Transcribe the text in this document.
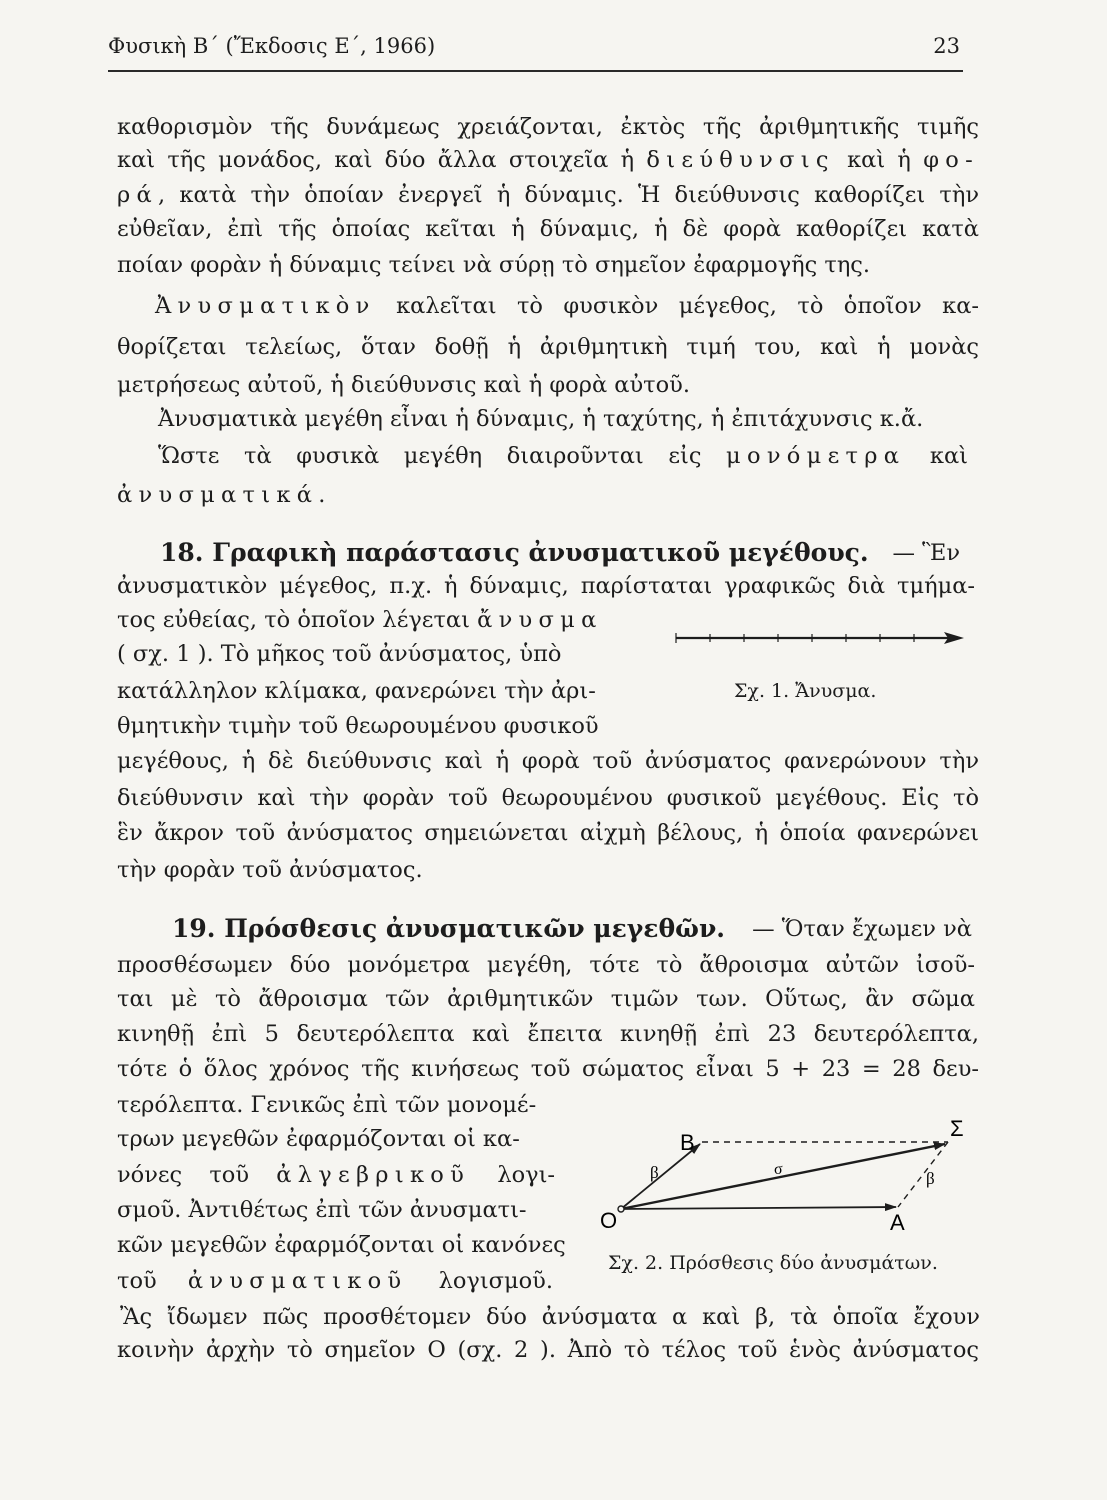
Φυσικὴ Β΄ (Ἔκδοσις Ε΄, 1966)	23
καθορισμὸν τῆς δυνάμεως χρειάζονται, ἐκτὸς τῆς ἀριθμητικῆς τιμῆς
καὶ τῆς μονάδος, καὶ δύο ἄλλα στοιχεῖα ἡ διεύθυνσις καὶ ἡ φο-
ρά, κατὰ τὴν ὁποίαν ἐνεργεῖ ἡ δύναμις. Ἡ διεύθυνσις καθορίζει τὴν
εὐθεῖαν, ἐπὶ τῆς ὁποίας κεῖται ἡ δύναμις, ἡ δὲ φορὰ καθορίζει κατὰ
ποίαν φορὰν ἡ δύναμις τείνει νὰ σύρῃ τὸ σημεῖον ἐφαρμογῆς της.
Ἀνυσματικὸν καλεῖται τὸ φυσικὸν μέγεθος, τὸ ὁποῖον κα-
θορίζεται τελείως, ὅταν δοθῇ ἡ ἀριθμητικὴ τιμή του, καὶ ἡ μονὰς
μετρήσεως αὐτοῦ, ἡ διεύθυνσις καὶ ἡ φορὰ αὐτοῦ.
Ἀνυσματικὰ μεγέθη εἶναι ἡ δύναμις, ἡ ταχύτης, ἡ ἐπιτάχυνσις κ.ἄ.
Ὥστε τὰ φυσικὰ μεγέθη διαιροῦνται εἰς μονόμετρα καὶ
ἀνυσματικά.
18. Γραφικὴ παράστασις ἀνυσματικοῦ μεγέθους. — Ἓν
ἀνυσματικὸν μέγεθος, π.χ. ἡ δύναμις, παρίσταται γραφικῶς διὰ τμήμα-
τος εὐθείας, τὸ ὁποῖον λέγεται ἄνυσμα
( σχ. 1 ). Τὸ μῆκος τοῦ ἀνύσματος, ὑπὸ
κατάλληλον κλίμακα, φανερώνει τὴν ἀρι-
θμητικὴν τιμὴν τοῦ θεωρουμένου φυσικοῦ
Σχ. 1. Ἄνυσμα.
μεγέθους, ἡ δὲ διεύθυνσις καὶ ἡ φορὰ τοῦ ἀνύσματος φανερώνουν τὴν
διεύθυνσιν καὶ τὴν φορὰν τοῦ θεωρουμένου φυσικοῦ μεγέθους. Εἰς τὸ
ἓν ἄκρον τοῦ ἀνύσματος σημειώνεται αἰχμὴ βέλους, ἡ ὁποία φανερώνει
τὴν φορὰν τοῦ ἀνύσματος.
19. Πρόσθεσις ἀνυσματικῶν μεγεθῶν. — Ὅταν ἔχωμεν νὰ
προσθέσωμεν δύο μονόμετρα μεγέθη, τότε τὸ ἄθροισμα αὐτῶν ἰσοῦ-
ται μὲ τὸ ἄθροισμα τῶν ἀριθμητικῶν τιμῶν των. Οὕτως, ἂν σῶμα
κινηθῇ ἐπὶ 5 δευτερόλεπτα καὶ ἔπειτα κινηθῇ ἐπὶ 23 δευτερόλεπτα,
τότε ὁ ὅλος χρόνος τῆς κινήσεως τοῦ σώματος εἶναι 5 + 23 = 28 δευ-
τερόλεπτα. Γενικῶς ἐπὶ τῶν μονομέ-
τρων μεγεθῶν ἐφαρμόζονται οἱ κα-
νόνες τοῦ ἀλγεβρικοῦ λογι-
σμοῦ. Ἀντιθέτως ἐπὶ τῶν ἀνυσματι-
κῶν μεγεθῶν ἐφαρμόζονται οἱ κανόνες
τοῦ ἀνυσματικοῦ λογισμοῦ.
O
B
A
Σ
β	β
σ
Σχ. 2. Πρόσθεσις δύο ἀνυσμάτων.
Ἂς ἴδωμεν πῶς προσθέτομεν δύο ἀνύσματα α καὶ β, τὰ ὁποῖα ἔχουν
κοινὴν ἀρχὴν τὸ σημεῖον Ο (σχ. 2 ). Ἀπὸ τὸ τέλος τοῦ ἑνὸς ἀνύσματος
